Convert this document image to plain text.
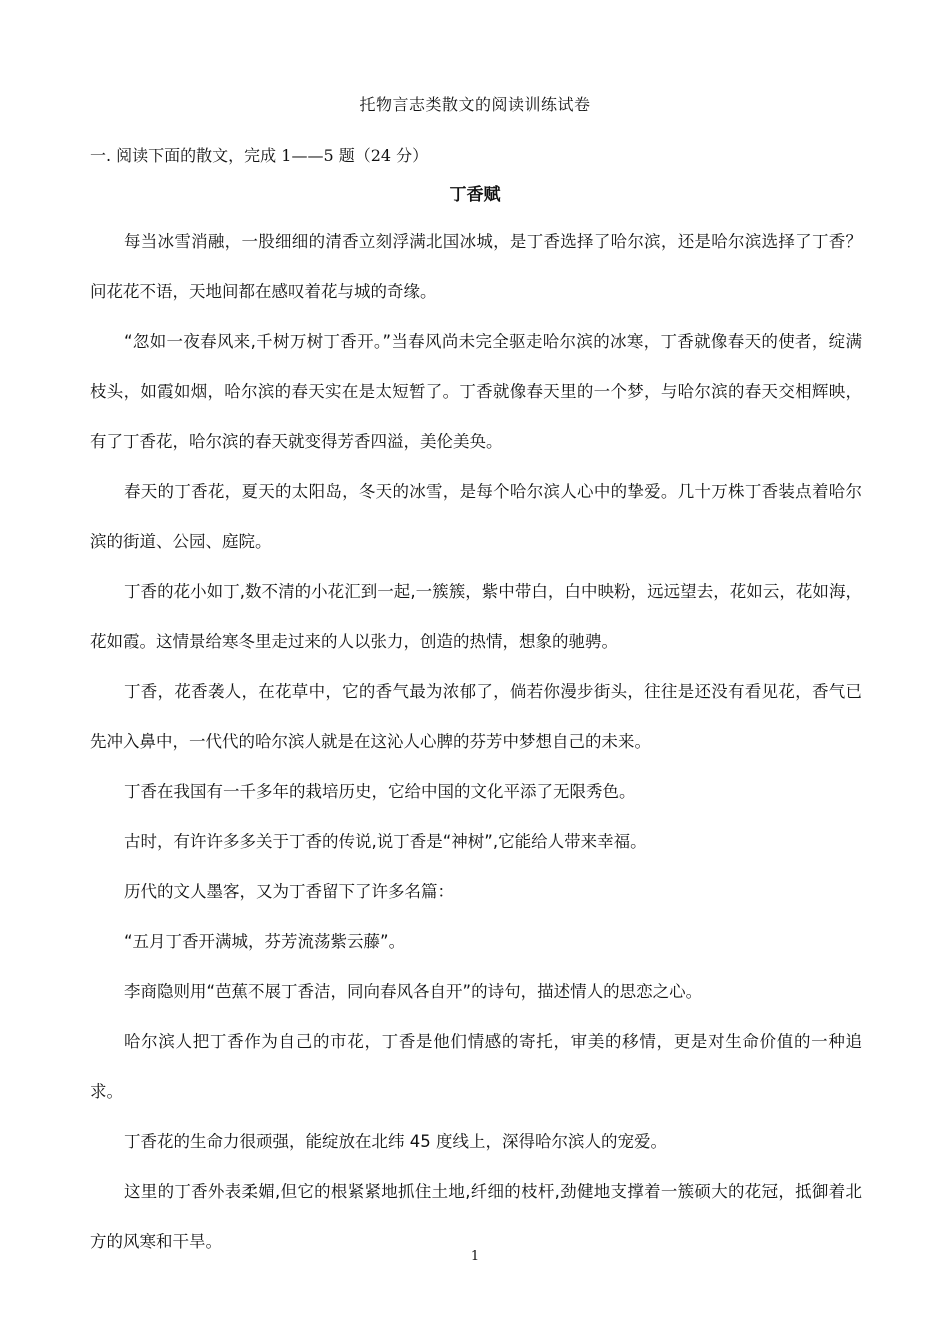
托物言志类散文的阅读训练试卷
一. 阅读下面的散文，完成 1——5 题（24 分）
丁香赋

每当冰雪消融，一股细细的清香立刻浮满北国冰城，是丁香选择了哈尔滨，还是哈尔滨选择了丁香？问花花不语，天地间都在感叹着花与城的奇缘。

“忽如一夜春风来,千树万树丁香开。”当春风尚未完全驱走哈尔滨的冰寒，丁香就像春天的使者，绽满枝头，如霞如烟，哈尔滨的春天实在是太短暂了。丁香就像春天里的一个梦，与哈尔滨的春天交相辉映，有了丁香花，哈尔滨的春天就变得芳香四溢，美伦美奂。

春天的丁香花，夏天的太阳岛，冬天的冰雪，是每个哈尔滨人心中的挚爱。几十万株丁香装点着哈尔滨的街道、公园、庭院。

丁香的花小如丁,数不清的小花汇到一起,一簇簇，紫中带白，白中映粉，远远望去，花如云，花如海，花如霞。这情景给寒冬里走过来的人以张力，创造的热情，想象的驰骋。

丁香，花香袭人，在花草中，它的香气最为浓郁了，倘若你漫步街头，往往是还没有看见花，香气已先冲入鼻中，一代代的哈尔滨人就是在这沁人心脾的芬芳中梦想自己的未来。

丁香在我国有一千多年的栽培历史，它给中国的文化平添了无限秀色。

古时，有许许多多关于丁香的传说,说丁香是“神树”,它能给人带来幸福。

历代的文人墨客，又为丁香留下了许多名篇：

“五月丁香开满城，芬芳流荡紫云藤”。

李商隐则用“芭蕉不展丁香洁，同向春风各自开”的诗句，描述情人的思恋之心。

哈尔滨人把丁香作为自己的市花，丁香是他们情感的寄托，审美的移情，更是对生命价值的一种追求。

丁香花的生命力很顽强，能绽放在北纬 45 度线上，深得哈尔滨人的宠爱。

这里的丁香外表柔媚,但它的根紧紧地抓住土地,纤细的枝杆,劲健地支撑着一簇硕大的花冠，抵御着北方的风寒和干旱。

1
